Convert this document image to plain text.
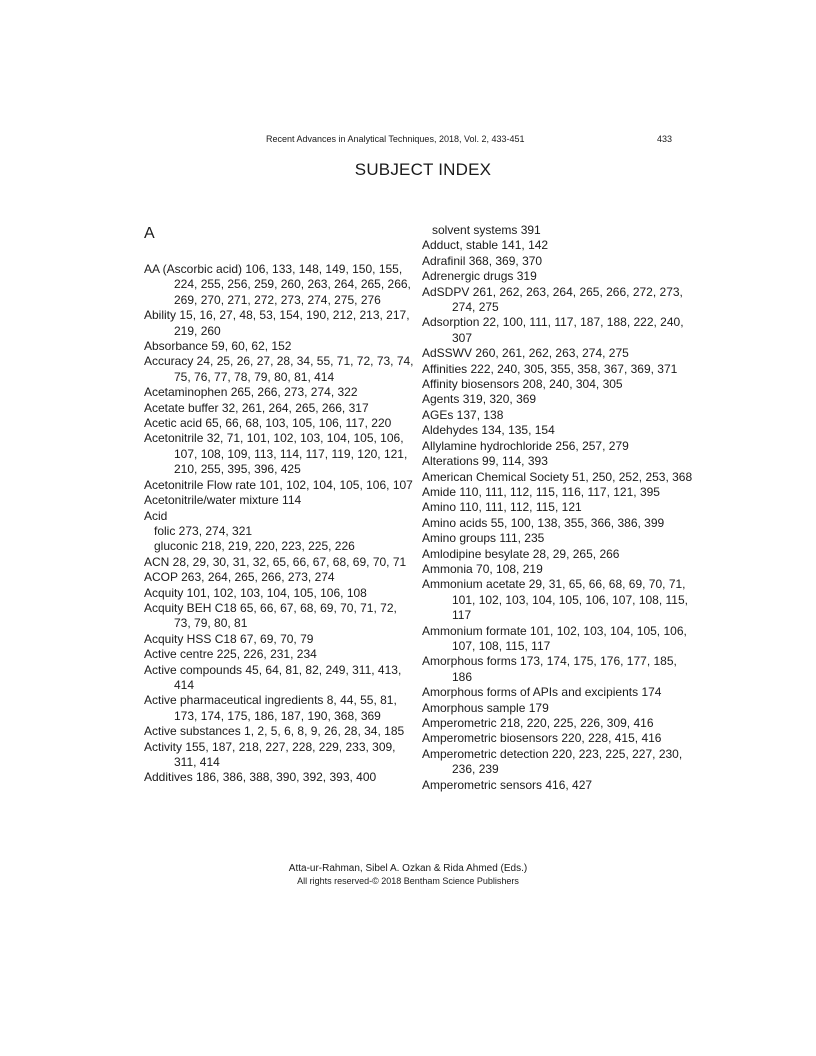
Recent Advances in Analytical Techniques, 2018, Vol. 2, 433-451	433
SUBJECT INDEX
A

AA (Ascorbic acid) 106, 133, 148, 149, 150, 155, 224, 255, 256, 259, 260, 263, 264, 265, 266, 269, 270, 271, 272, 273, 274, 275, 276

Ability 15, 16, 27, 48, 53, 154, 190, 212, 213, 217, 219, 260

Absorbance 59, 60, 62, 152

Accuracy 24, 25, 26, 27, 28, 34, 55, 71, 72, 73, 74, 75, 76, 77, 78, 79, 80, 81, 414

Acetaminophen 265, 266, 273, 274, 322

Acetate buffer 32, 261, 264, 265, 266, 317

Acetic acid 65, 66, 68, 103, 105, 106, 117, 220

Acetonitrile 32, 71, 101, 102, 103, 104, 105, 106, 107, 108, 109, 113, 114, 117, 119, 120, 121, 210, 255, 395, 396, 425

Acetonitrile Flow rate 101, 102, 104, 105, 106, 107

Acetonitrile/water mixture 114

Acid

folic 273, 274, 321

gluconic 218, 219, 220, 223, 225, 226

ACN 28, 29, 30, 31, 32, 65, 66, 67, 68, 69, 70, 71

ACOP 263, 264, 265, 266, 273, 274

Acquity 101, 102, 103, 104, 105, 106, 108

Acquity BEH C18 65, 66, 67, 68, 69, 70, 71, 72, 73, 79, 80, 81

Acquity HSS C18 67, 69, 70, 79

Active centre 225, 226, 231, 234

Active compounds 45, 64, 81, 82, 249, 311, 413, 414

Active pharmaceutical ingredients 8, 44, 55, 81, 173, 174, 175, 186, 187, 190, 368, 369

Active substances 1, 2, 5, 6, 8, 9, 26, 28, 34, 185

Activity 155, 187, 218, 227, 228, 229, 233, 309, 311, 414

Additives 186, 386, 388, 390, 392, 393, 400

solvent systems 391

Adduct, stable 141, 142

Adrafinil 368, 369, 370

Adrenergic drugs 319

AdSDPV 261, 262, 263, 264, 265, 266, 272, 273, 274, 275

Adsorption 22, 100, 111, 117, 187, 188, 222, 240, 307

AdSSWV 260, 261, 262, 263, 274, 275

Affinities 222, 240, 305, 355, 358, 367, 369, 371

Affinity biosensors 208, 240, 304, 305

Agents 319, 320, 369

AGEs 137, 138

Aldehydes 134, 135, 154

Allylamine hydrochloride 256, 257, 279

Alterations 99, 114, 393

American Chemical Society 51, 250, 252, 253, 368

Amide 110, 111, 112, 115, 116, 117, 121, 395

Amino 110, 111, 112, 115, 121

Amino acids 55, 100, 138, 355, 366, 386, 399

Amino groups 111, 235

Amlodipine besylate 28, 29, 265, 266

Ammonia 70, 108, 219

Ammonium acetate 29, 31, 65, 66, 68, 69, 70, 71, 101, 102, 103, 104, 105, 106, 107, 108, 115, 117

Ammonium formate 101, 102, 103, 104, 105, 106, 107, 108, 115, 117

Amorphous forms 173, 174, 175, 176, 177, 185, 186

Amorphous forms of APIs and excipients 174

Amorphous sample 179

Amperometric 218, 220, 225, 226, 309, 416

Amperometric biosensors 220, 228, 415, 416

Amperometric detection 220, 223, 225, 227, 230, 236, 239

Amperometric sensors 416, 427

Atta-ur-Rahman, Sibel A. Ozkan & Rida Ahmed (Eds.)
All rights reserved-© 2018 Bentham Science Publishers
